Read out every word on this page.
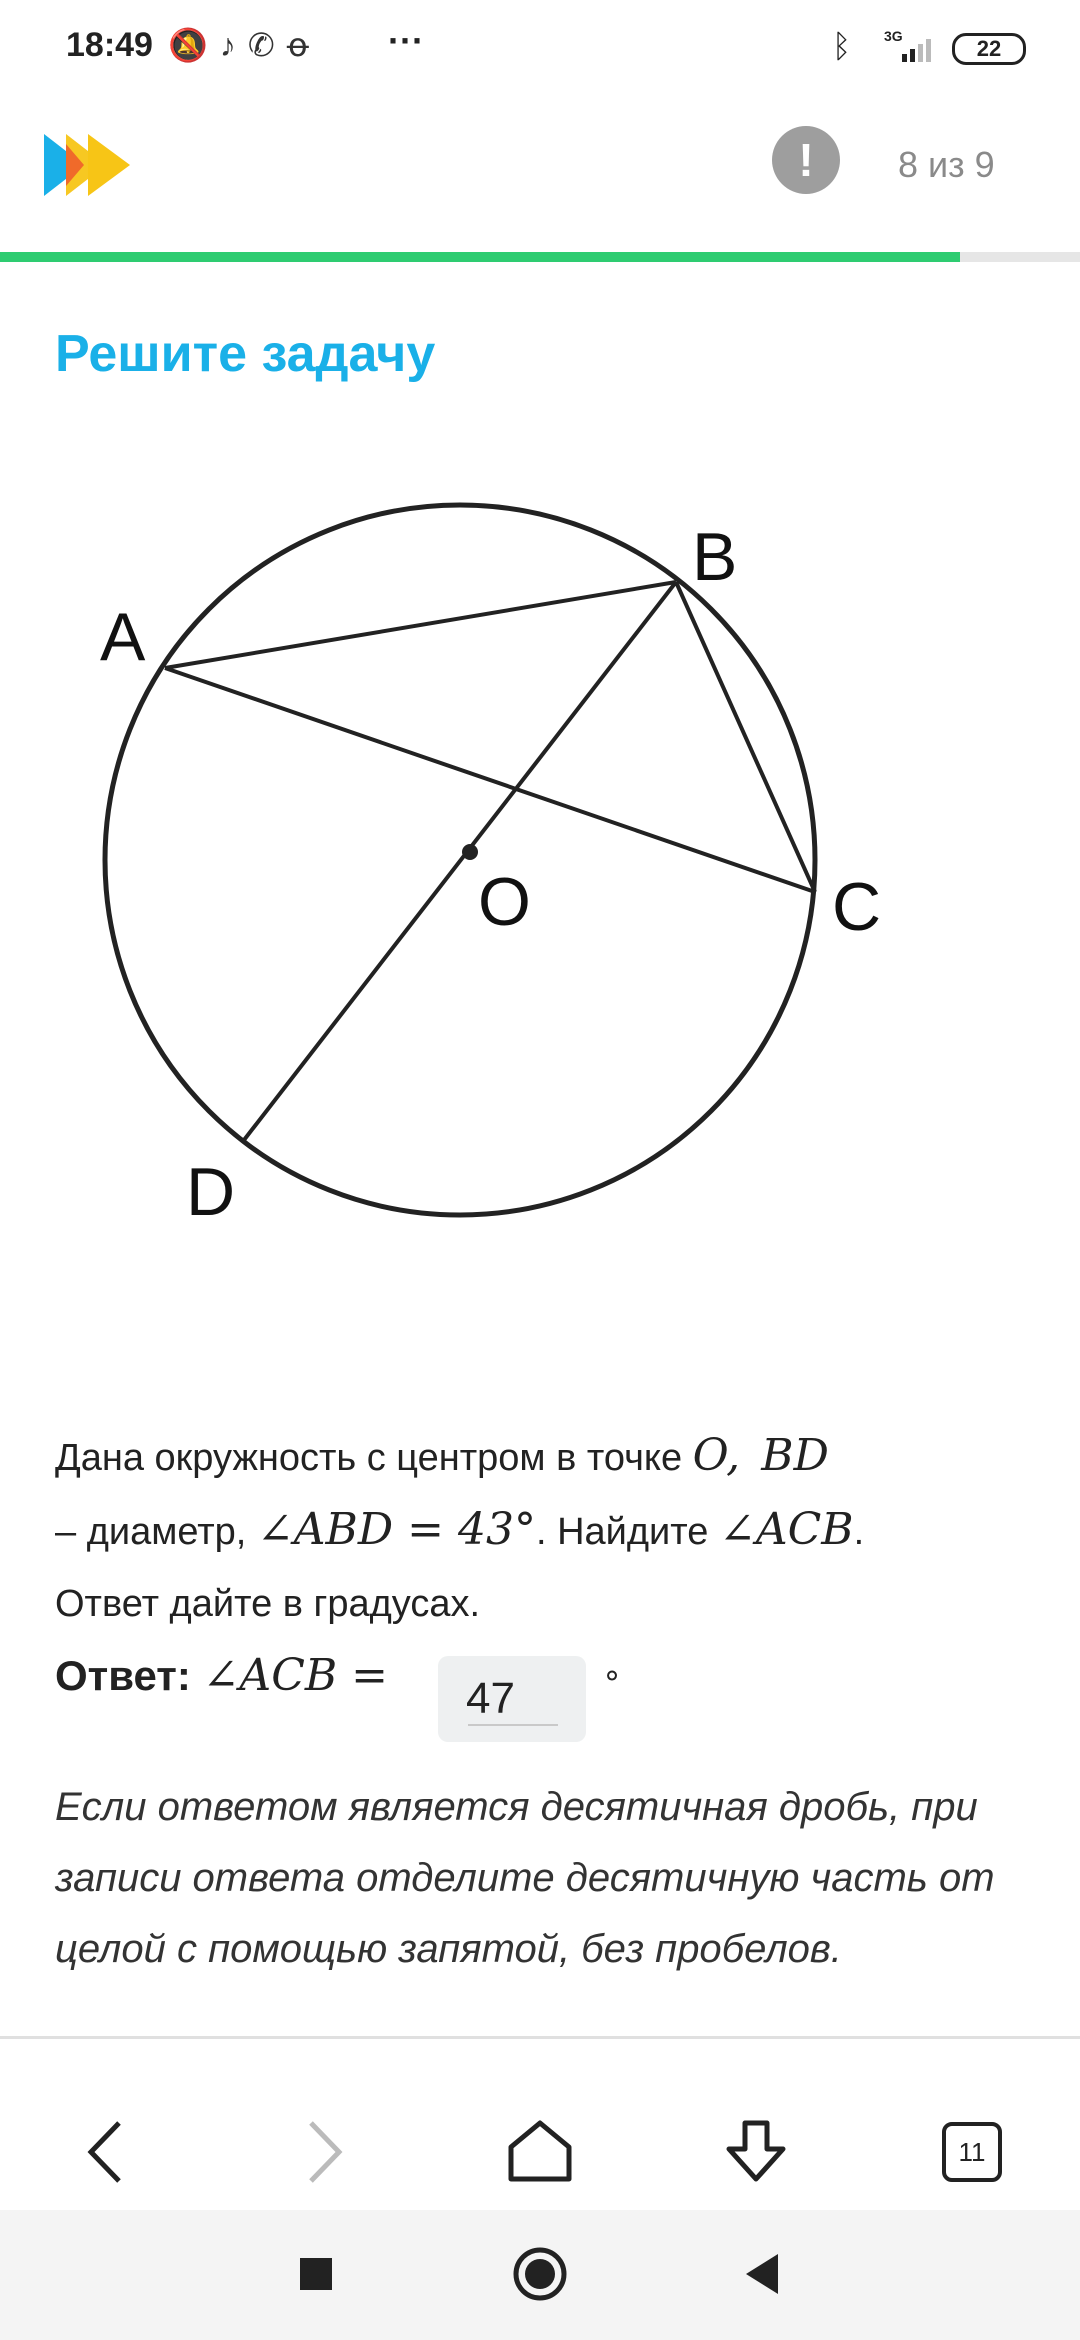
18:49 🔕♪✆ꝋ ···	ᛒ 3G	22
!	8 из 9
Решите задачу
A
B
C
D
O
Дана окружность с центром в точке O, BD
– диаметр, ∠ABD = 43°. Найдите ∠ACB.
Ответ дайте в градусах.
Ответ: ∠ACB = 47	∘
Если ответом является десятичная дробь, при записи ответа отделите десятичную часть от целой с помощью запятой, без пробелов.
11
